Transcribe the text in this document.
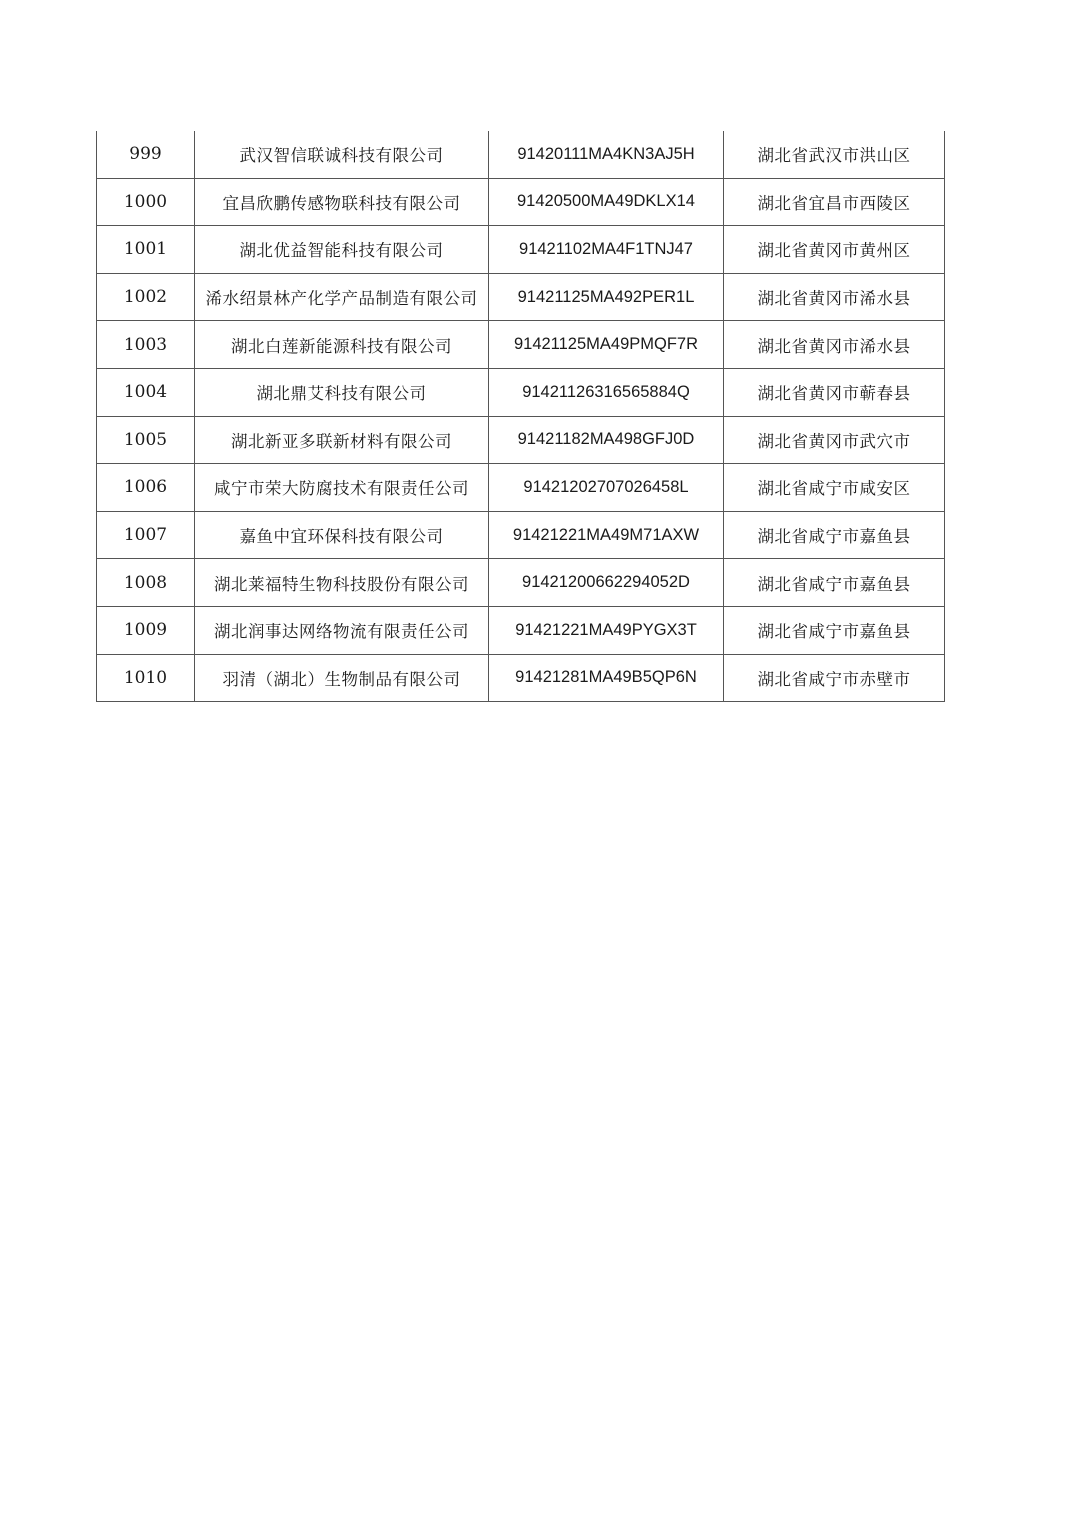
999	武汉智信联诚科技有限公司	91420111MA4KN3AJ5H	湖北省武汉市洪山区
1000	宜昌欣鹏传感物联科技有限公司	91420500MA49DKLX14	湖北省宜昌市西陵区
1001	湖北优益智能科技有限公司	91421102MA4F1TNJ47	湖北省黄冈市黄州区
1002	浠水绍景林产化学产品制造有限公司	91421125MA492PER1L	湖北省黄冈市浠水县
1003	湖北白莲新能源科技有限公司	91421125MA49PMQF7R	湖北省黄冈市浠水县
1004	湖北鼎艾科技有限公司	91421126316565884Q	湖北省黄冈市蕲春县
1005	湖北新亚多联新材料有限公司	91421182MA498GFJ0D	湖北省黄冈市武穴市
1006	咸宁市荣大防腐技术有限责任公司	91421202707026458L	湖北省咸宁市咸安区
1007	嘉鱼中宜环保科技有限公司	91421221MA49M71AXW	湖北省咸宁市嘉鱼县
1008	湖北莱福特生物科技股份有限公司	91421200662294052D	湖北省咸宁市嘉鱼县
1009	湖北润事达网络物流有限责任公司	91421221MA49PYGX3T	湖北省咸宁市嘉鱼县
1010	羽清（湖北）生物制品有限公司	91421281MA49B5QP6N	湖北省咸宁市赤壁市
